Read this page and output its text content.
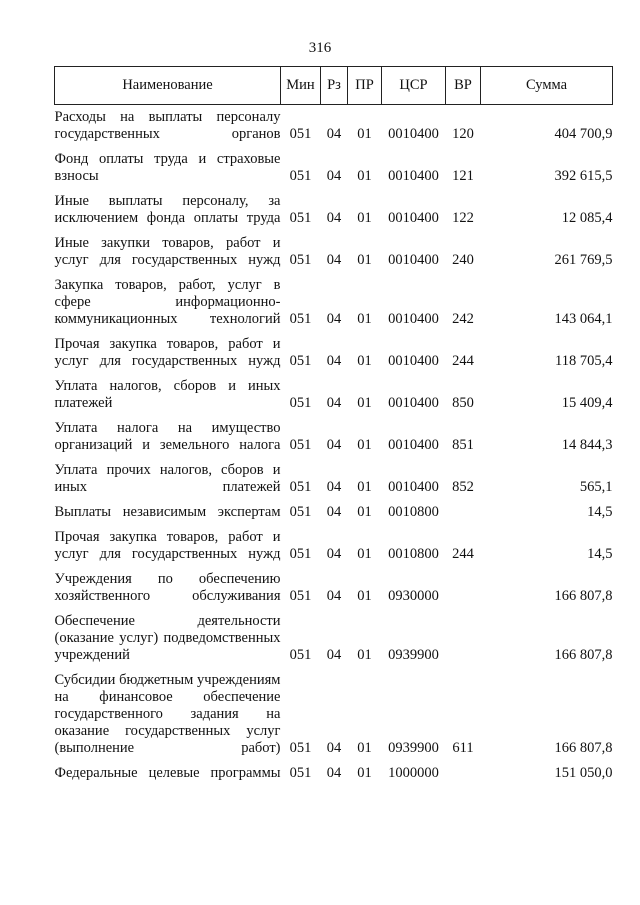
316
Наименование	Мин	Рз	ПР	ЦСР	ВР	Сумма

Расходы на выплаты персоналу государственных органов	051	04	01	0010400	120	404 700,9

Фонд оплаты труда и страховые взносы	051	04	01	0010400	121	392 615,5

Иные выплаты персоналу, за исключением фонда оплаты труда	051	04	01	0010400	122	12 085,4

Иные закупки товаров, работ и услуг для государственных нужд	051	04	01	0010400	240	261 769,5

Закупка товаров, работ, услуг в сфере информационно-коммуникационных технологий	051	04	01	0010400	242	143 064,1

Прочая закупка товаров, работ и услуг для государственных нужд	051	04	01	0010400	244	118 705,4

Уплата налогов, сборов и иных платежей	051	04	01	0010400	850	15 409,4

Уплата налога на имущество организаций и земельного налога	051	04	01	0010400	851	14 844,3

Уплата прочих налогов, сборов и иных платежей	051	04	01	0010400	852	565,1

Выплаты независимым экспертам	051	04	01	0010800		14,5

Прочая закупка товаров, работ и услуг для государственных нужд	051	04	01	0010800	244	14,5

Учреждения по обеспечению хозяйственного обслуживания	051	04	01	0930000		166 807,8

Обеспечение деятельности (оказание услуг) подведомственных учреждений	051	04	01	0939900		166 807,8

Субсидии бюджетным учреждениям на финансовое обеспечение государственного задания на оказание государственных услуг (выполнение работ)	051	04	01	0939900	611	166 807,8

Федеральные целевые программы	051	04	01	1000000		151 050,0
